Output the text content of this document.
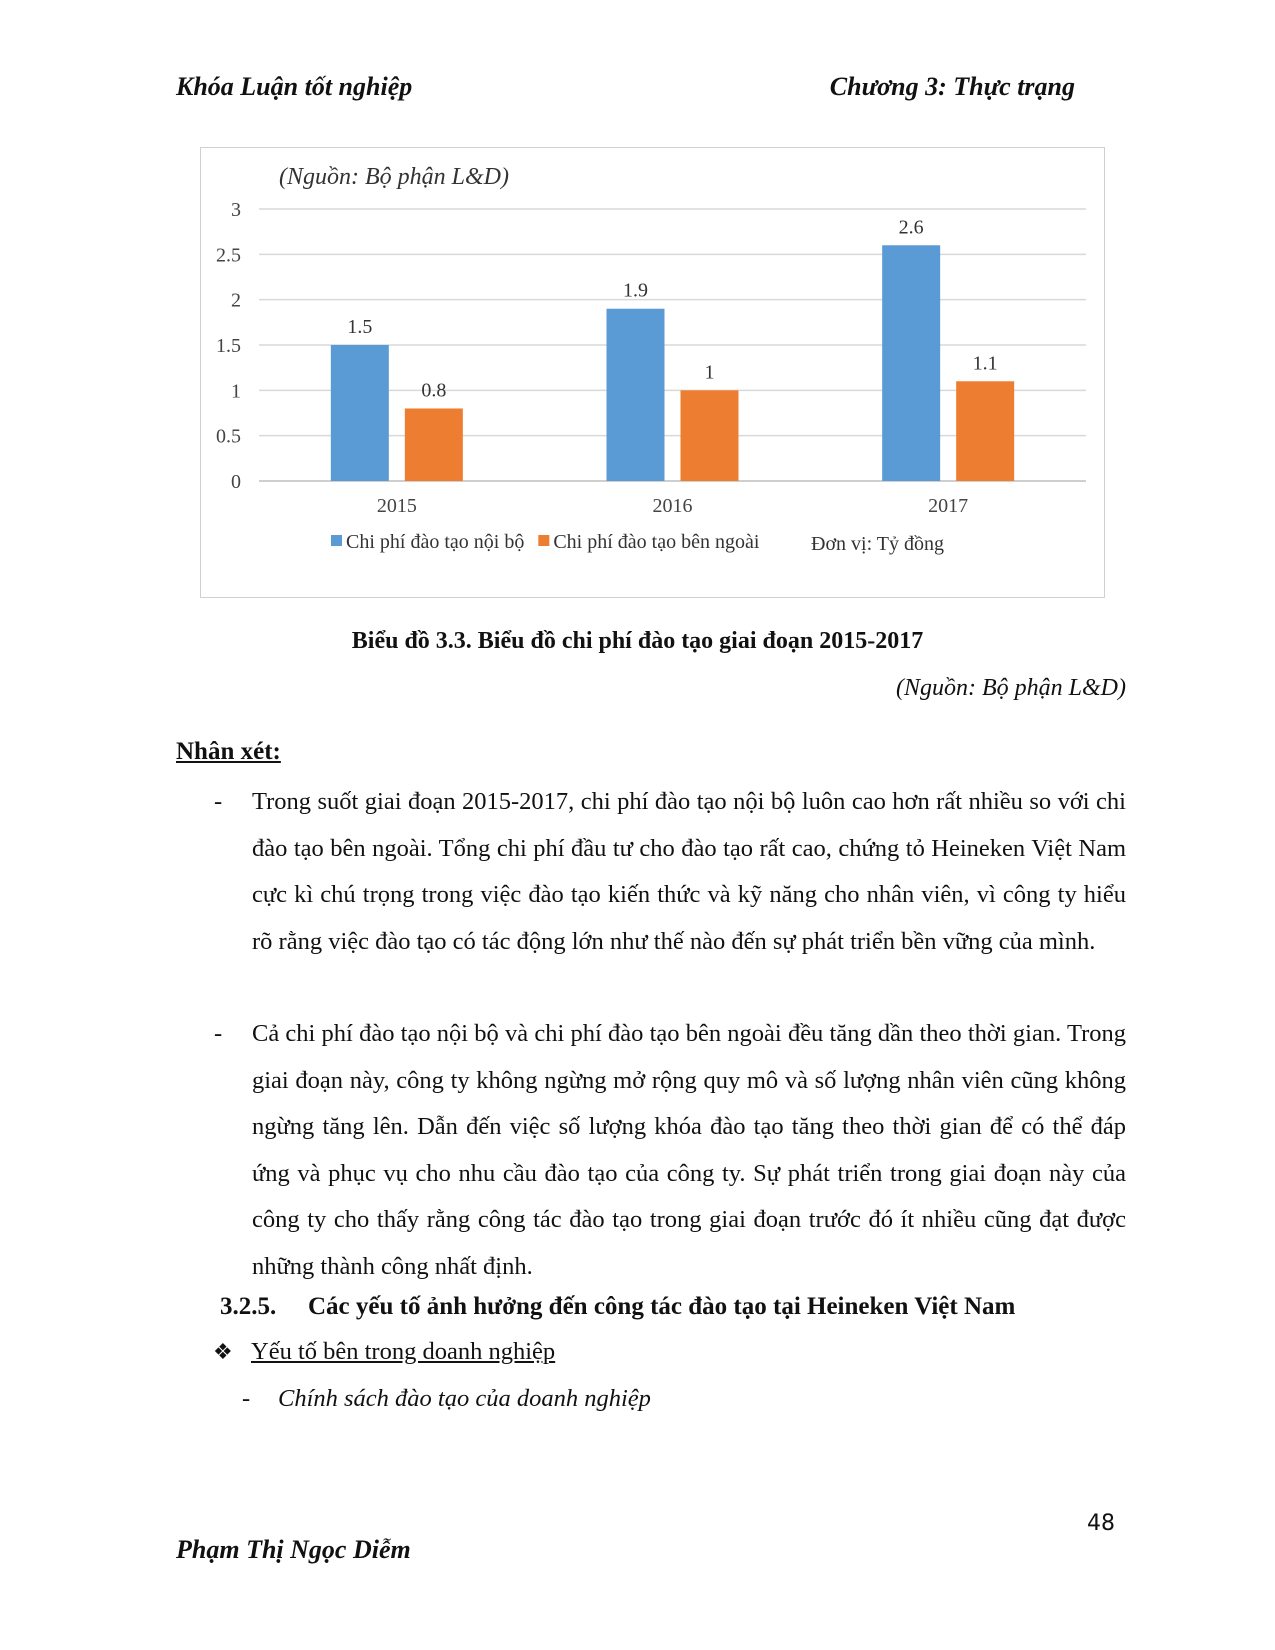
Khóa Luận tốt nghiệp	Chương 3: Thực trạng
(Nguồn: Bộ phận L&D)
0
0.5
1
1.5
2
2.5
3
1.5
0.8
2015
1.9
1
2016
2.6
1.1
2017
Chi phí đào tạo nội bộ Chi phí đào tạo bên ngoài	Đơn vị: Tỷ đồng
Biểu đồ 3.3. Biểu đồ chi phí đào tạo giai đoạn 2015-2017
(Nguồn: Bộ phận L&D)
Nhân xét:
- Trong suốt giai đoạn 2015-2017, chi phí đào tạo nội bộ luôn cao hơn rất nhiều so với chi đào tạo bên ngoài. Tổng chi phí đầu tư cho đào tạo rất cao, chứng tỏ Heineken Việt Nam cực kì chú trọng trong việc đào tạo kiến thức và kỹ năng cho nhân viên, vì công ty hiểu rõ rằng việc đào tạo có tác động lớn như thế nào đến sự phát triển bền vững của mình.
- Cả chi phí đào tạo nội bộ và chi phí đào tạo bên ngoài đều tăng dần theo thời gian. Trong giai đoạn này, công ty không ngừng mở rộng quy mô và số lượng nhân viên cũng không ngừng tăng lên. Dẫn đến việc số lượng khóa đào tạo tăng theo thời gian để có thể đáp ứng và phục vụ cho nhu cầu đào tạo của công ty. Sự phát triển trong giai đoạn này của công ty cho thấy rằng công tác đào tạo trong giai đoạn trước đó ít nhiều cũng đạt được những thành công nhất định.
3.2.5. Các yếu tố ảnh hưởng đến công tác đào tạo tại Heineken Việt Nam
❖ Yếu tố bên trong doanh nghiệp
- Chính sách đào tạo của doanh nghiệp
48
Phạm Thị Ngọc Diễm
